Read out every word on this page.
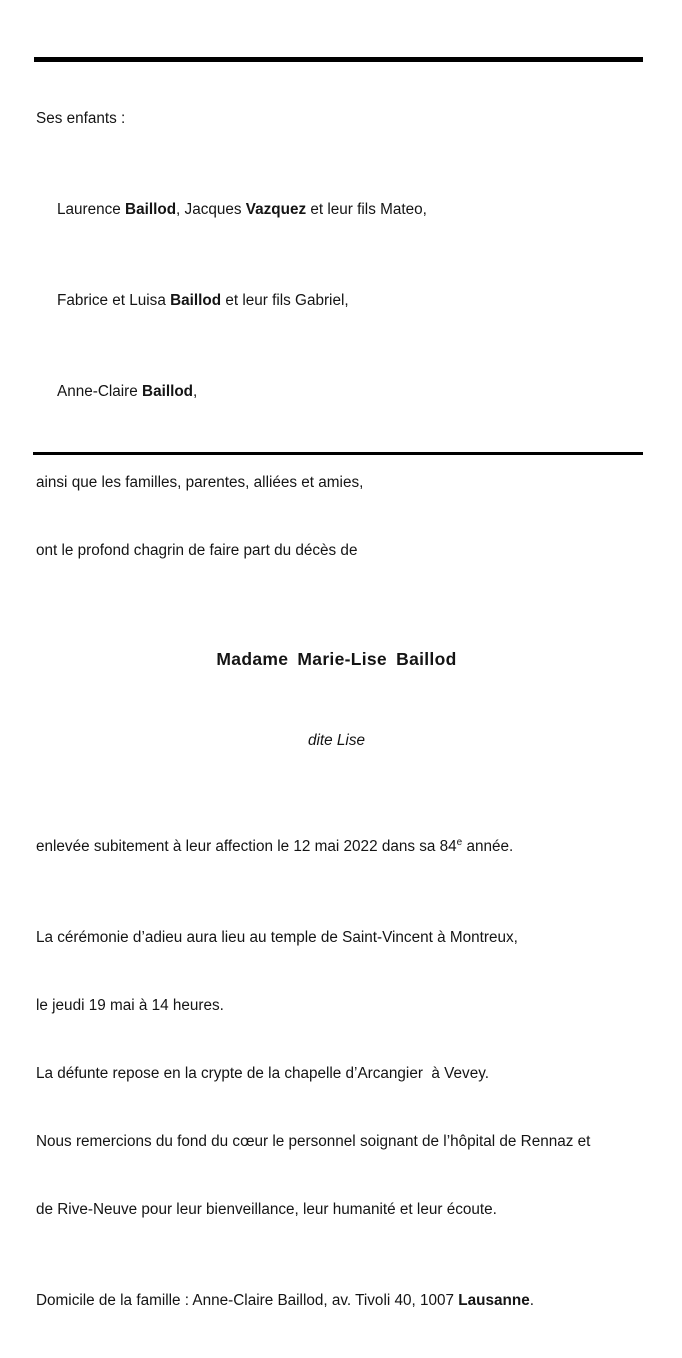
Ses enfants :

Laurence Baillod, Jacques Vazquez et leur fils Mateo,

Fabrice et Luisa Baillod et leur fils Gabriel,

Anne-Claire Baillod,

ainsi que les familles, parentes, alliées et amies,

ont le profond chagrin de faire part du décès de

Madame Marie-Lise Baillod

dite Lise

enlevée subitement à leur affection le 12 mai 2022 dans sa 84e année.

La cérémonie d’adieu aura lieu au temple de Saint-Vincent à Montreux,

le jeudi 19 mai à 14 heures.

La défunte repose en la crypte de la chapelle d’Arcangier  à Vevey.

Nous remercions du fond du cœur le personnel soignant de l’hôpital de Rennaz et

de Rive-Neuve pour leur bienveillance, leur humanité et leur écoute.

Domicile de la famille : Anne-Claire Baillod, av. Tivoli 40, 1007 Lausanne.
